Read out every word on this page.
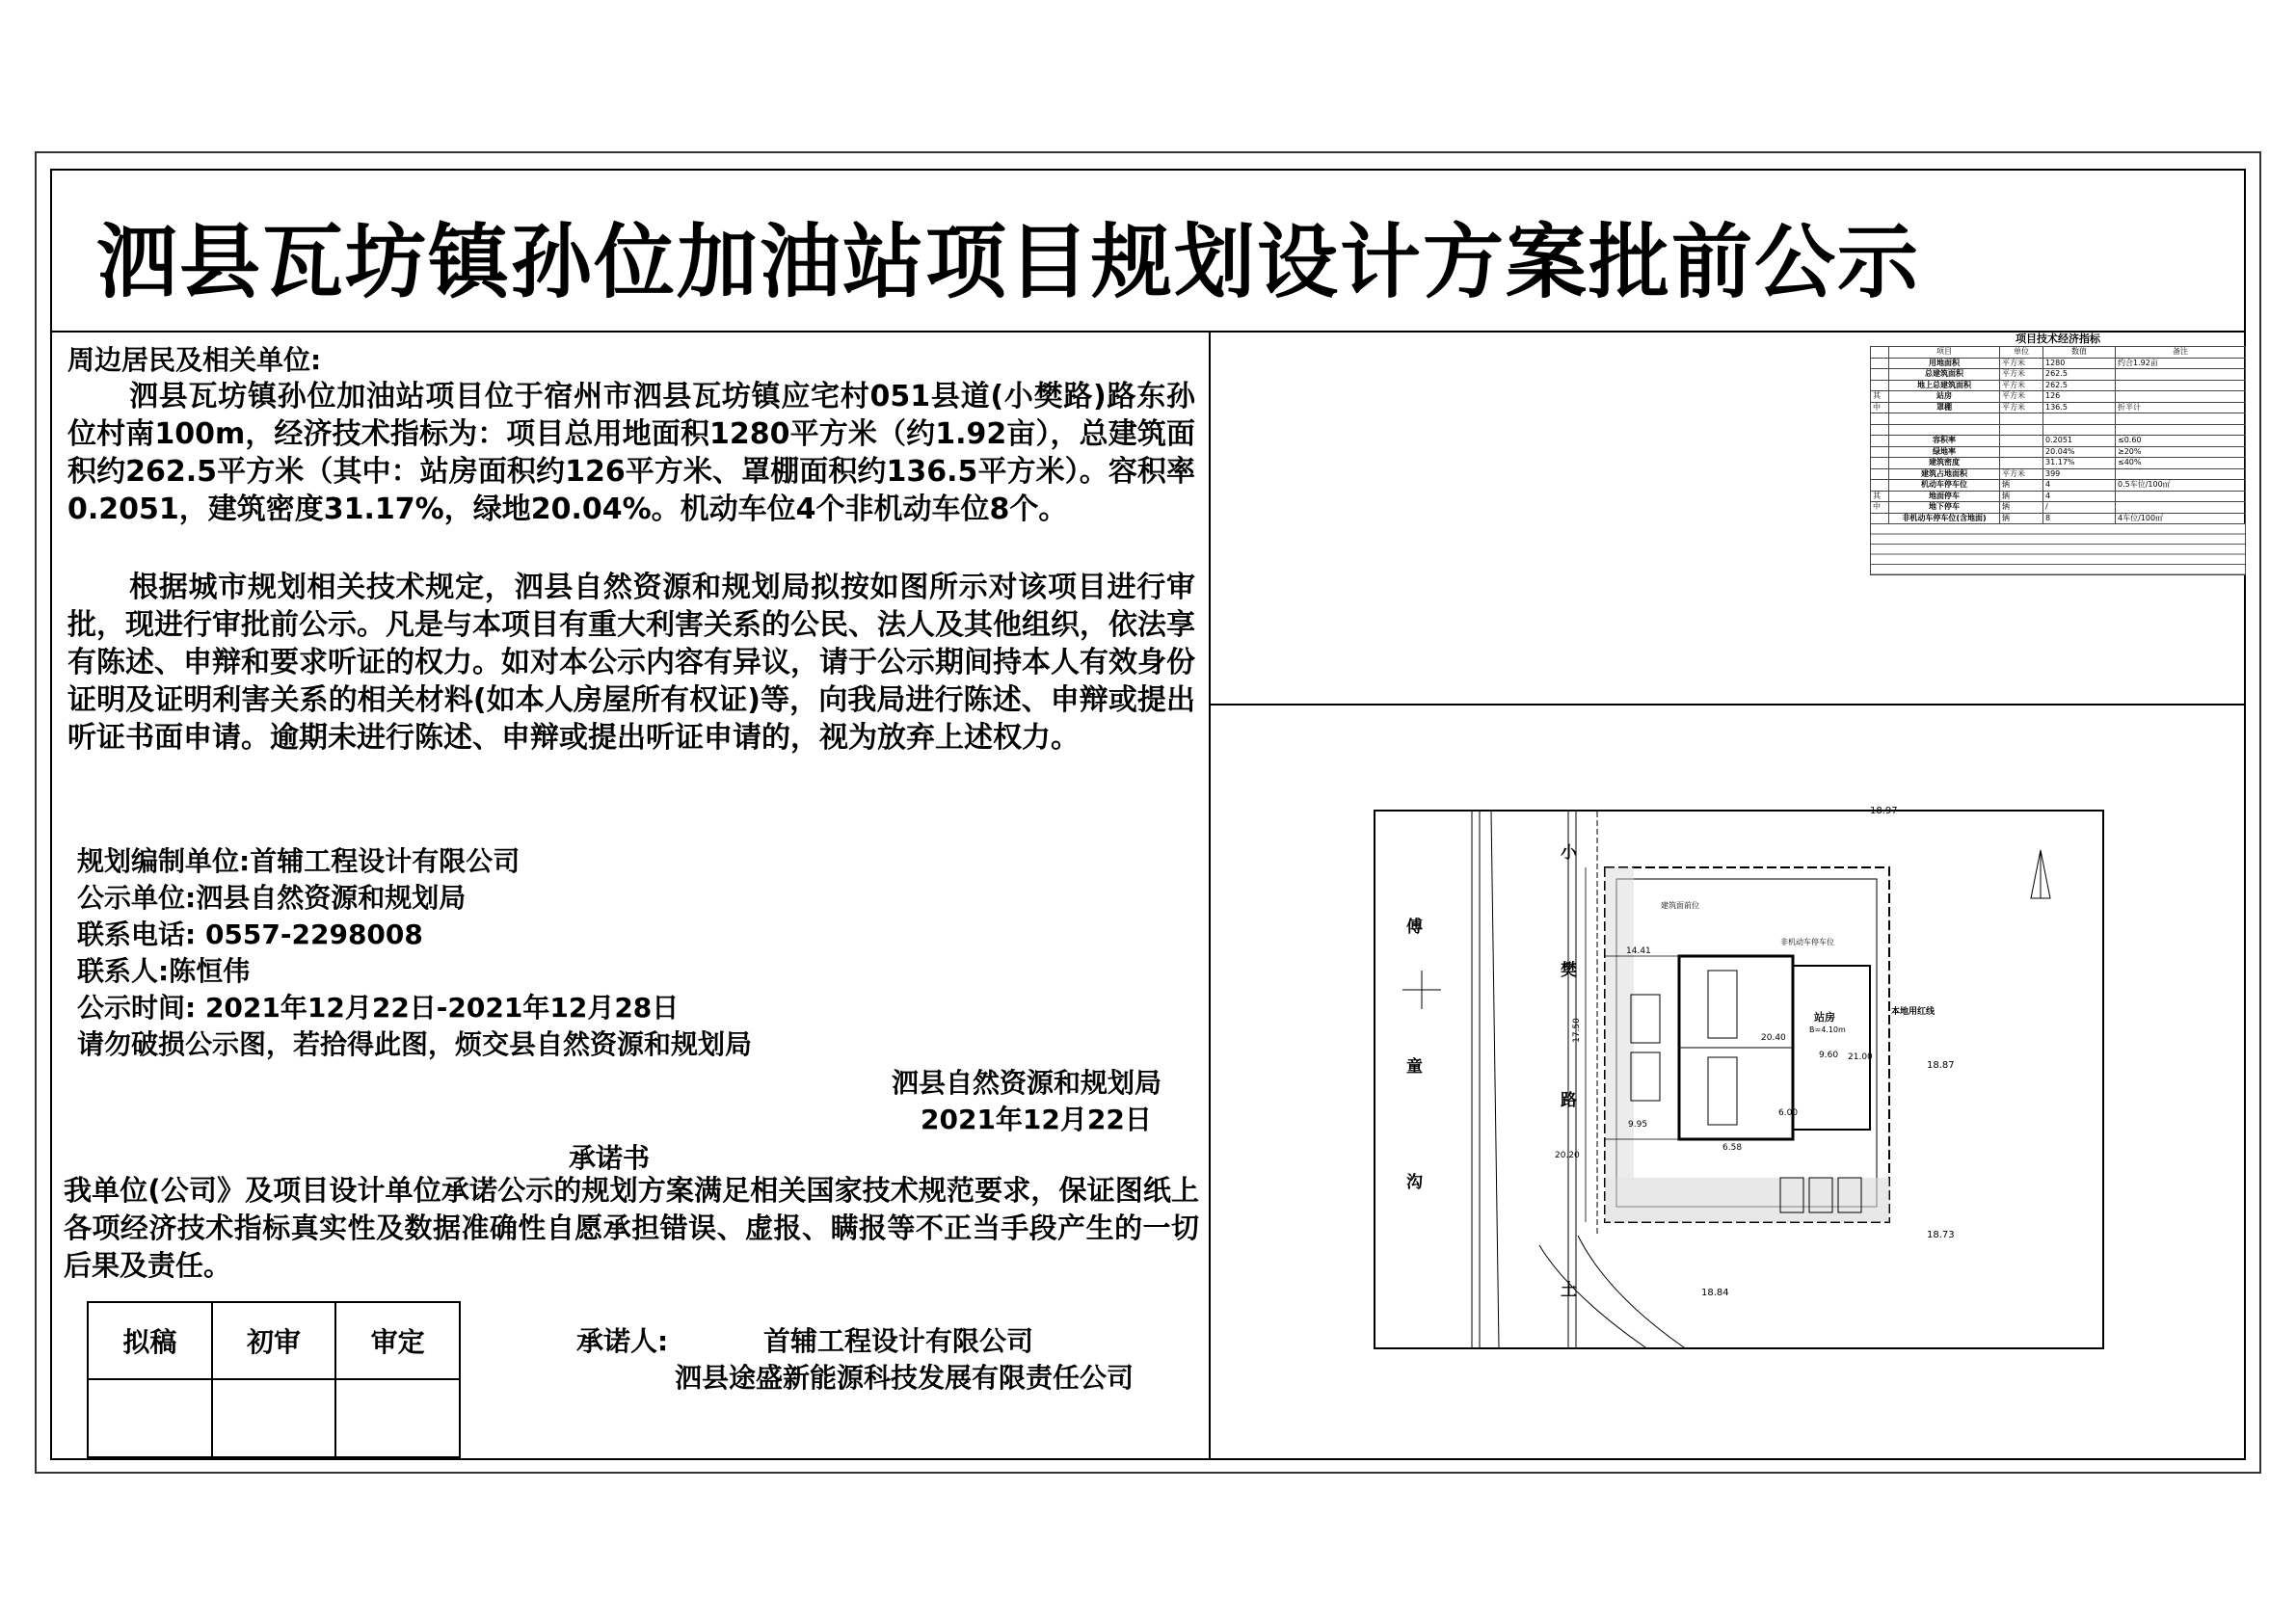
泗县瓦坊镇孙位加油站项目规划设计方案批前公示
周边居民及相关单位:
泗县瓦坊镇孙位加油站项目位于宿州市泗县瓦坊镇应宅村051县道(小樊路)路东孙位村南100m，经济技术指标为：项目总用地面积1280平方米（约1.92亩），总建筑面积约262.5平方米（其中：站房面积约126平方米、罩棚面积约136.5平方米）。容积率0.2051，建筑密度31.17%，绿地20.04%。机动车位4个非机动车位8个。
根据城市规划相关技术规定，泗县自然资源和规划局拟按如图所示对该项目进行审批，现进行审批前公示。凡是与本项目有重大利害关系的公民、法人及其他组织，依法享有陈述、申辩和要求听证的权力。如对本公示内容有异议，请于公示期间持本人有效身份证明及证明利害关系的相关材料(如本人房屋所有权证)等，向我局进行陈述、申辩或提出听证书面申请。逾期未进行陈述、申辩或提出听证申请的，视为放弃上述权力。
规划编制单位:首辅工程设计有限公司
公示单位:泗县自然资源和规划局
联系电话: 0557-2298008
联系人:陈恒伟
公示时间: 2021年12月22日-2021年12月28日
请勿破损公示图，若拾得此图，烦交县自然资源和规划局
泗县自然资源和规划局
2021年12月22日
承诺书
我单位(公司》及项目设计单位承诺公示的规划方案满足相关国家技术规范要求，保证图纸上各项经济技术指标真实性及数据准确性自愿承担错误、虚报、瞒报等不正当手段产生的一切后果及责任。
拟稿	初审	审定
			承诺人:	首辅工程设计有限公司
泗县途盛新能源科技发展有限责任公司
项目技术经济指标
	项目	单位	数值	备注
	用地面积	平方米	1280	约合1.92亩
	总建筑面积	平方米	262.5	
	地上总建筑面积	平方米	262.5	
其	站房	平方米	126	
中	罩棚	平方米	136.5	折半计

	容积率		0.2051	≤0.60
	绿地率		20.04%	≥20%
	建筑密度		31.17%	≤40%
	建筑占地面积	平方米	399	
	机动车停车位	辆	4	0.5车位/100㎡
其	地面停车	辆	4	
中	地下停车	辆	/	
	非机动车停车位(含地面)	辆	8	4车位/100㎡
傅
童
沟
小
樊
路
土
18.97
18.87
18.73
18.84
17.50
20.20
9.95
14.41
9.60
6.58
6.00
21.00
20.40
站房
B=4.10m
本地用红线
建筑面前位
非机动车停车位
